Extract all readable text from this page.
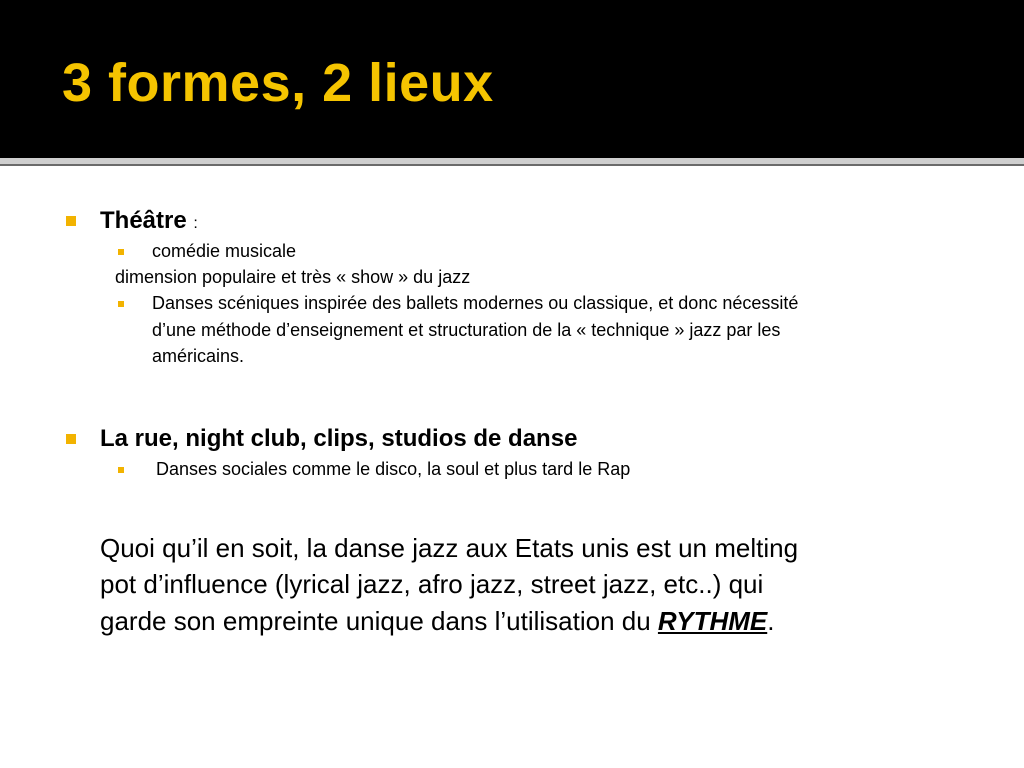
3 formes, 2 lieux
Théâtre :
comédie musicale
dimension populaire et très « show » du jazz
Danses scéniques inspirée des ballets modernes ou classique, et donc nécessité
d’une méthode d’enseignement et structuration de la « technique » jazz par les
américains.
La rue, night club, clips, studios de danse
Danses sociales comme le disco, la soul et plus tard le Rap
Quoi qu’il en soit, la danse jazz aux Etats unis est un melting
pot d’influence (lyrical jazz, afro jazz, street jazz, etc..) qui
garde son empreinte unique dans l’utilisation du RYTHME.
